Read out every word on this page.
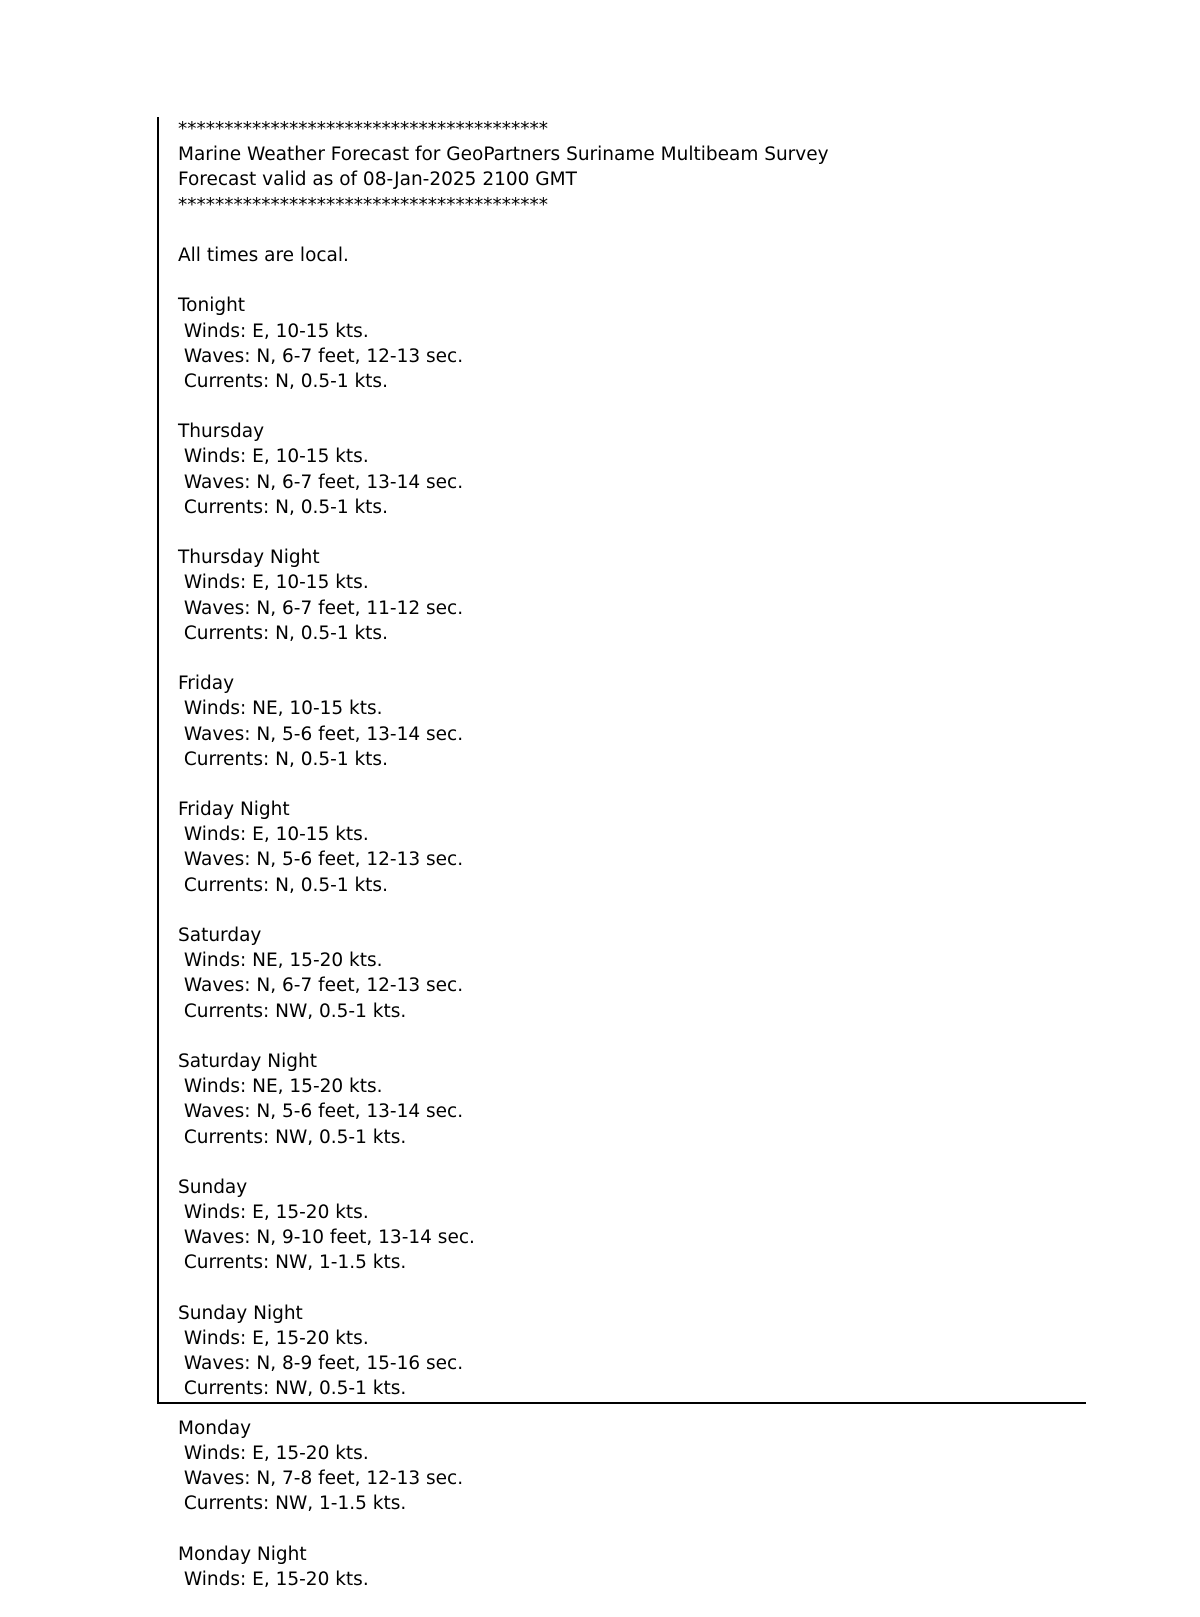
****************************************
Marine Weather Forecast for GeoPartners Suriname Multibeam Survey
Forecast valid as of 08-Jan-2025 2100 GMT
****************************************
All times are local.
Tonight
Winds: E, 10-15 kts.
Waves: N, 6-7 feet, 12-13 sec.
Currents: N, 0.5-1 kts.
Thursday
Winds: E, 10-15 kts.
Waves: N, 6-7 feet, 13-14 sec.
Currents: N, 0.5-1 kts.
Thursday Night
Winds: E, 10-15 kts.
Waves: N, 6-7 feet, 11-12 sec.
Currents: N, 0.5-1 kts.
Friday
Winds: NE, 10-15 kts.
Waves: N, 5-6 feet, 13-14 sec.
Currents: N, 0.5-1 kts.
Friday Night
Winds: E, 10-15 kts.
Waves: N, 5-6 feet, 12-13 sec.
Currents: N, 0.5-1 kts.
Saturday
Winds: NE, 15-20 kts.
Waves: N, 6-7 feet, 12-13 sec.
Currents: NW, 0.5-1 kts.
Saturday Night
Winds: NE, 15-20 kts.
Waves: N, 5-6 feet, 13-14 sec.
Currents: NW, 0.5-1 kts.
Sunday
Winds: E, 15-20 kts.
Waves: N, 9-10 feet, 13-14 sec.
Currents: NW, 1-1.5 kts.
Sunday Night
Winds: E, 15-20 kts.
Waves: N, 8-9 feet, 15-16 sec.
Currents: NW, 0.5-1 kts.
Monday
Winds: E, 15-20 kts.
Waves: N, 7-8 feet, 12-13 sec.
Currents: NW, 1-1.5 kts.
Monday Night
Winds: E, 15-20 kts.
